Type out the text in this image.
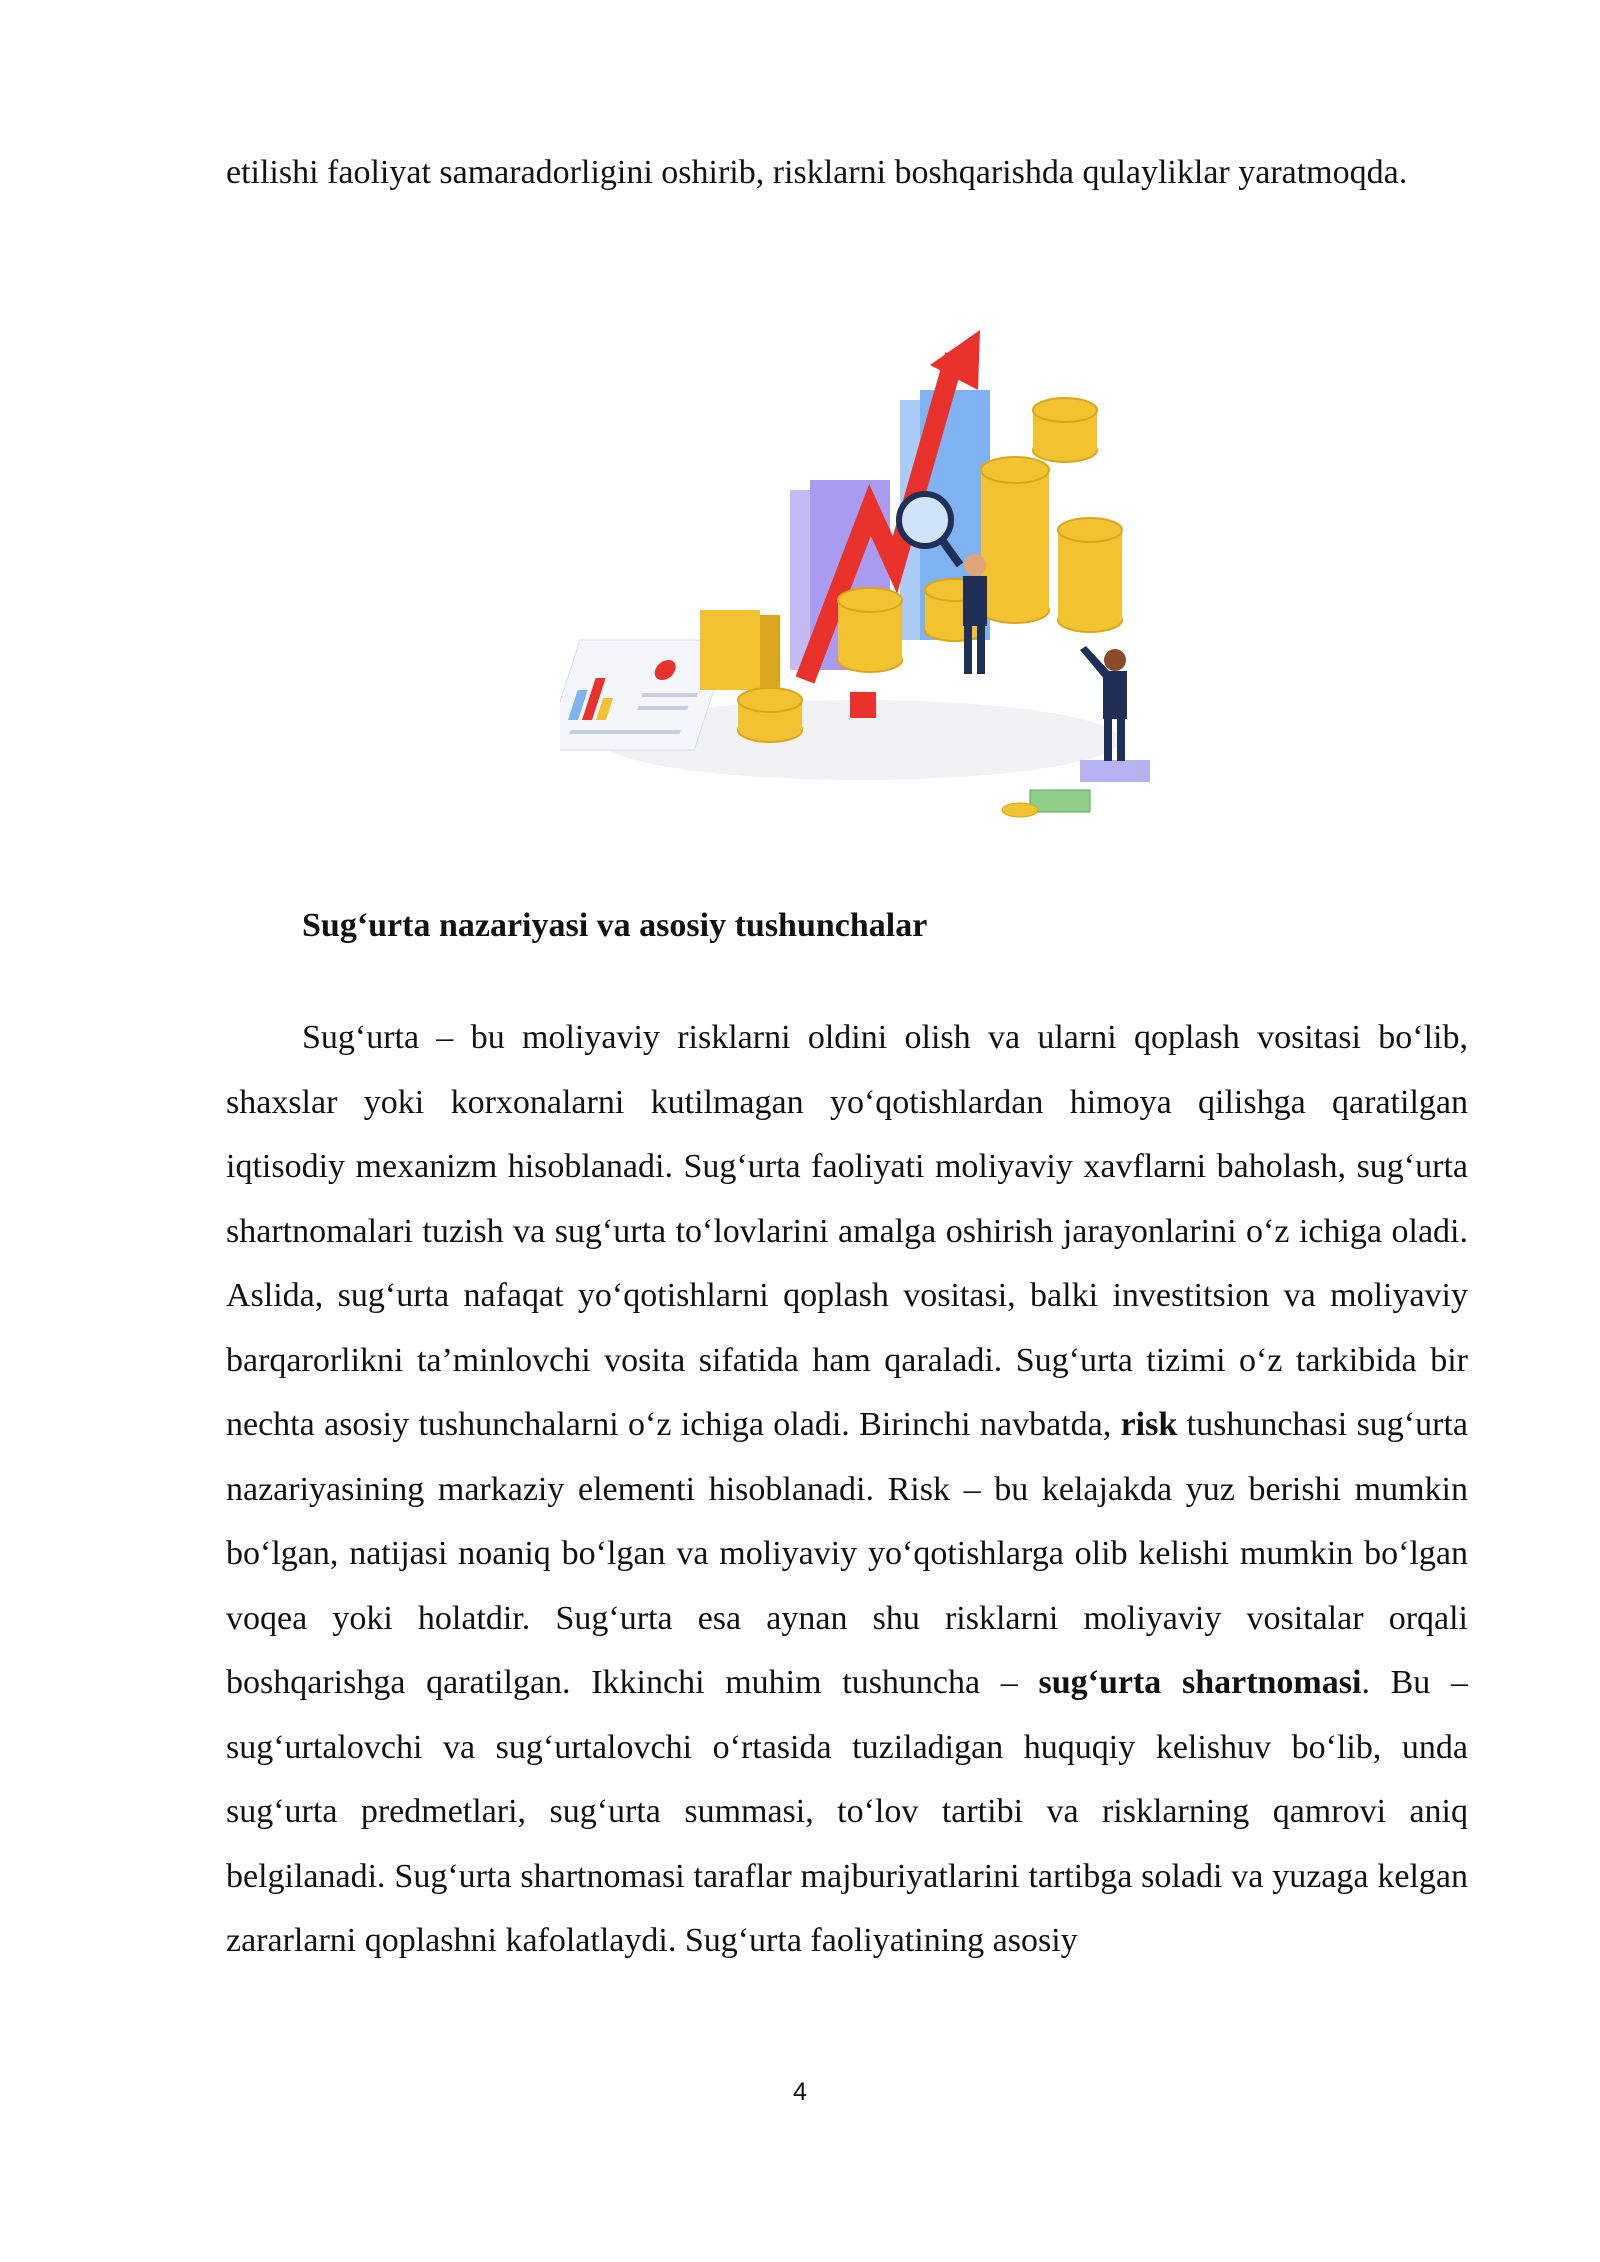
etilishi faoliyat samaradorligini oshirib, risklarni boshqarishda qulayliklar yaratmoqda.

Sug‘urta nazariyasi va asosiy tushunchalar

Sug‘urta – bu moliyaviy risklarni oldini olish va ularni qoplash vositasi bo‘lib, shaxslar yoki korxonalarni kutilmagan yo‘qotishlardan himoya qilishga qaratilgan iqtisodiy mexanizm hisoblanadi. Sug‘urta faoliyati moliyaviy xavflarni baholash, sug‘urta shartnomalari tuzish va sug‘urta to‘lovlarini amalga oshirish jarayonlarini o‘z ichiga oladi. Aslida, sug‘urta nafaqat yo‘qotishlarni qoplash vositasi, balki investitsion va moliyaviy barqarorlikni ta’minlovchi vosita sifatida ham qaraladi. Sug‘urta tizimi o‘z tarkibida bir nechta asosiy tushunchalarni o‘z ichiga oladi. Birinchi navbatda, risk tushunchasi sug‘urta nazariyasining markaziy elementi hisoblanadi. Risk – bu kelajakda yuz berishi mumkin bo‘lgan, natijasi noaniq bo‘lgan va moliyaviy yo‘qotishlarga olib kelishi mumkin bo‘lgan voqea yoki holatdir. Sug‘urta esa aynan shu risklarni moliyaviy vositalar orqali boshqarishga qaratilgan. Ikkinchi muhim tushuncha – sug‘urta shartnomasi. Bu – sug‘urtalovchi va sug‘urtalovchi o‘rtasida tuziladigan huquqiy kelishuv bo‘lib, unda sug‘urta predmetlari, sug‘urta summasi, to‘lov tartibi va risklarning qamrovi aniq belgilanadi. Sug‘urta shartnomasi taraflar majburiyatlarini tartibga soladi va yuzaga kelgan zararlarni qoplashni kafolatlaydi. Sug‘urta faoliyatining asosiy

4
